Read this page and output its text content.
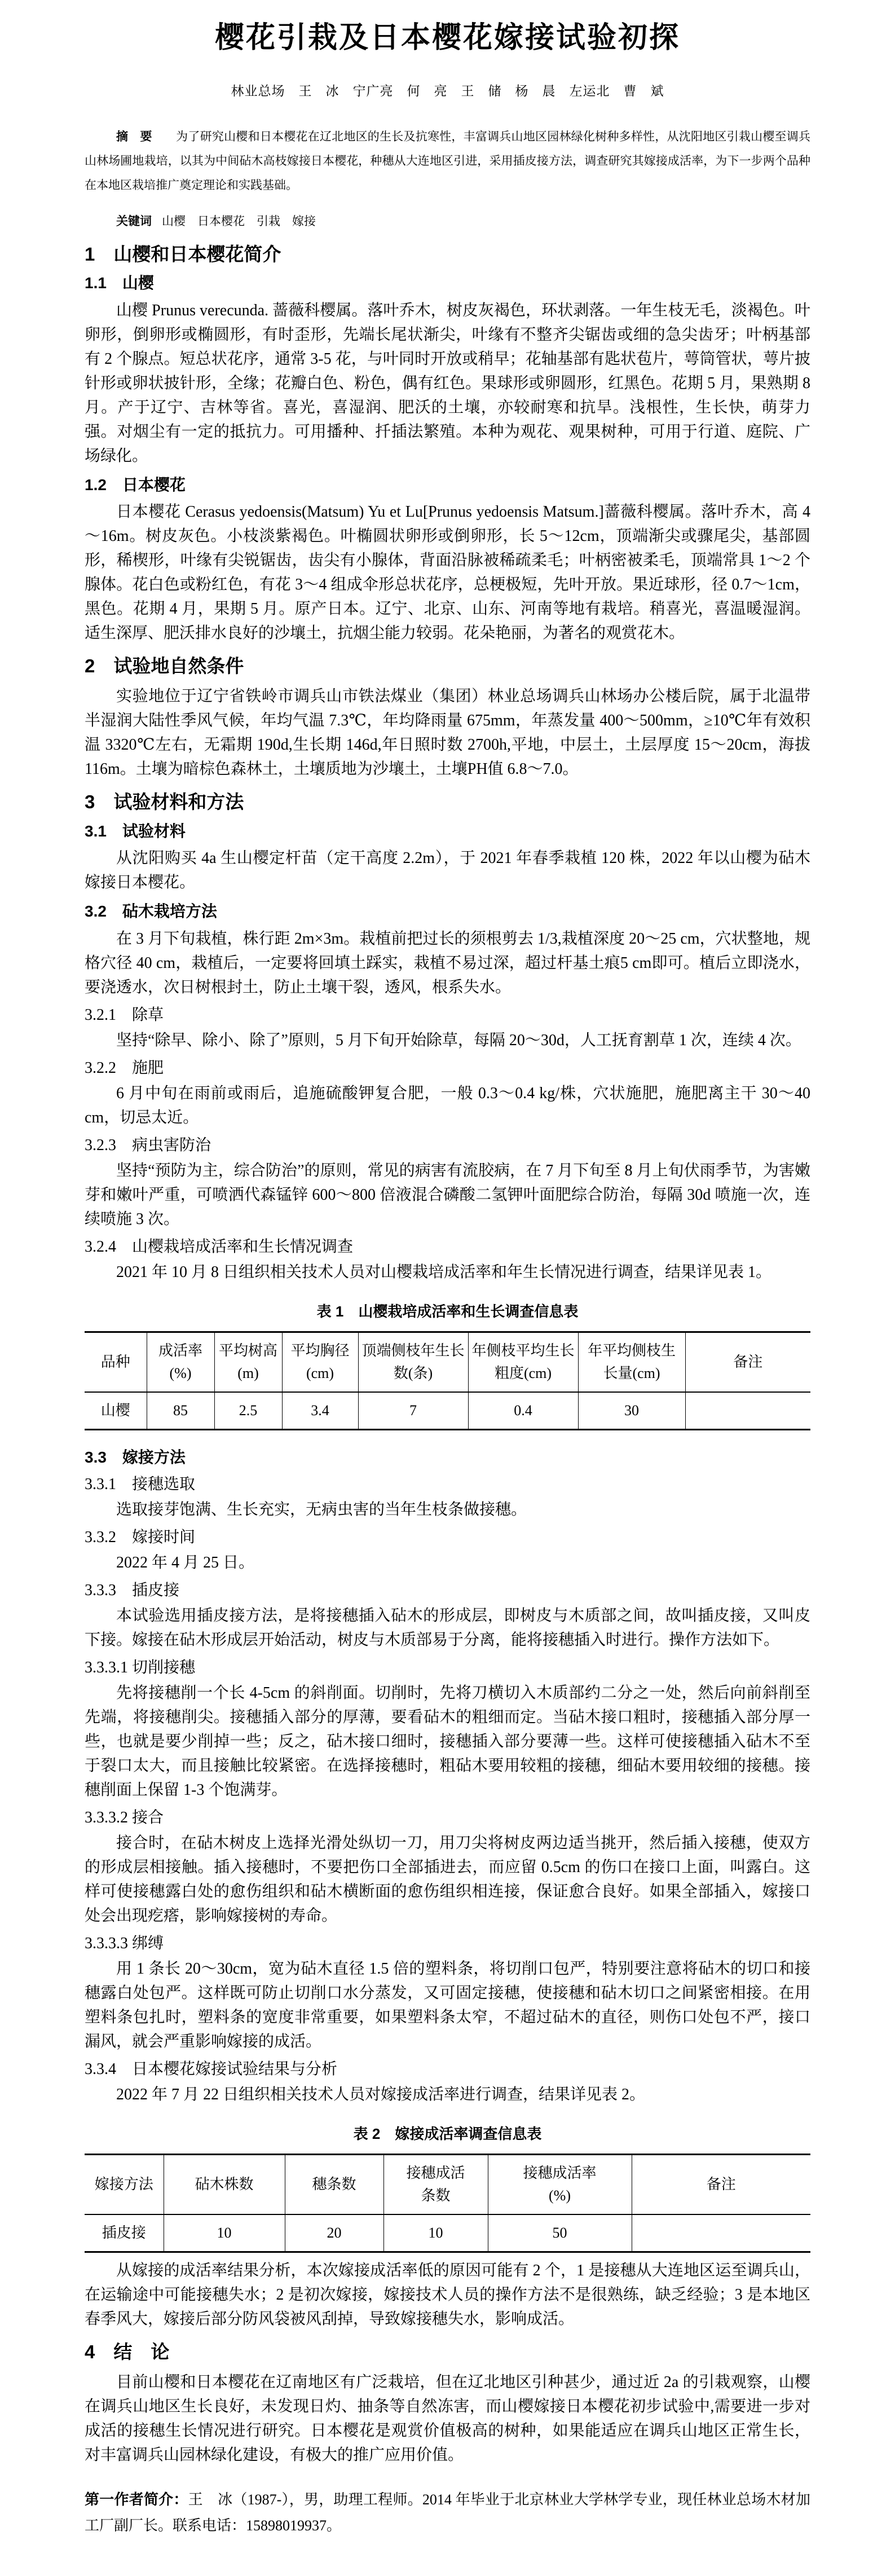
樱花引栽及日本樱花嫁接试验初探
林业总场　王　冰　宁广亮　何　亮　王　储　杨　晨　左运北　曹　斌

摘　要　　 为了研究山樱和日本樱花在辽北地区的生长及抗寒性，丰富调兵山地区园林绿化树种多样性，从沈阳地区引栽山樱至调兵山林场圃地栽培，以其为中间砧木高枝嫁接日本樱花，种穗从大连地区引进，采用插皮接方法，调查研究其嫁接成活率，为下一步两个品种在本地区栽培推广奠定理论和实践基础。

关键词 山樱　日本樱花　引栽　嫁接

1　山樱和日本樱花简介
1.1　山樱

山樱 Prunus verecunda. 蔷薇科樱属。落叶乔木，树皮灰褐色，环状剥落。一年生枝无毛，淡褐色。叶卵形，倒卵形或椭圆形，有时歪形，先端长尾状渐尖，叶缘有不整齐尖锯齿或细的急尖齿牙；叶柄基部有 2 个腺点。短总状花序，通常 3-5 花，与叶同时开放或稍早；花轴基部有匙状苞片，萼筒管状，萼片披针形或卵状披针形，全缘；花瓣白色、粉色，偶有红色。果球形或卵圆形，红黑色。花期 5 月，果熟期 8 月。产于辽宁、吉林等省。喜光，喜湿润、肥沃的土壤，亦较耐寒和抗旱。浅根性，生长快，萌芽力强。对烟尘有一定的抵抗力。可用播种、扦插法繁殖。本种为观花、观果树种，可用于行道、庭院、广场绿化。

1.2　日本樱花

日本樱花 Cerasus yedoensis(Matsum) Yu et Lu[Prunus yedoensis Matsum.]蔷薇科樱属。落叶乔木，高 4～16m。树皮灰色。小枝淡紫褐色。叶椭圆状卵形或倒卵形，长 5～12cm，顶端渐尖或骤尾尖，基部圆形，稀楔形，叶缘有尖锐锯齿，齿尖有小腺体，背面沿脉被稀疏柔毛；叶柄密被柔毛，顶端常具 1～2 个腺体。花白色或粉红色，有花 3～4 组成伞形总状花序，总梗极短，先叶开放。果近球形，径 0.7～1cm，黑色。花期 4 月，果期 5 月。原产日本。辽宁、北京、山东、河南等地有栽培。稍喜光，喜温暖湿润。适生深厚、肥沃排水良好的沙壤土，抗烟尘能力较弱。花朵艳丽，为著名的观赏花木。

2　试验地自然条件

实验地位于辽宁省铁岭市调兵山市铁法煤业（集团）林业总场调兵山林场办公楼后院，属于北温带半湿润大陆性季风气候，年均气温 7.3℃，年均降雨量 675mm，年蒸发量 400～500mm，≥10℃年有效积温 3320℃左右，无霜期 190d,生长期 146d,年日照时数 2700h,平地，中层土，土层厚度 15～20cm，海拔 116m。土壤为暗棕色森林土，土壤质地为沙壤土，土壤PH值 6.8～7.0。

3　试验材料和方法
3.1　试验材料

从沈阳购买 4a 生山樱定杆苗（定干高度 2.2m），于 2021 年春季栽植 120 株，2022 年以山樱为砧木嫁接日本樱花。

3.2　砧木栽培方法

在 3 月下旬栽植，株行距 2m×3m。栽植前把过长的须根剪去 1/3,栽植深度 20～25 cm，穴状整地，规格穴径 40 cm，栽植后，一定要将回填土踩实，栽植不易过深，超过杆基土痕5 cm即可。植后立即浇水，要浇透水，次日树根封土，防止土壤干裂，透风，根系失水。

3.2.1　除草

坚持“除早、除小、除了”原则，5 月下旬开始除草，每隔 20～30d，人工抚育割草 1 次，连续 4 次。

3.2.2　施肥

6 月中旬在雨前或雨后，追施硫酸钾复合肥，一般 0.3～0.4 kg/株，穴状施肥，施肥离主干 30～40 cm，切忌太近。

3.2.3　病虫害防治

坚持“预防为主，综合防治”的原则，常见的病害有流胶病，在 7 月下旬至 8 月上旬伏雨季节，为害嫩芽和嫩叶严重，可喷洒代森锰锌 600～800 倍液混合磷酸二氢钾叶面肥综合防治，每隔 30d 喷施一次，连续喷施 3 次。

3.2.4　山樱栽培成活率和生长情况调查

2021 年 10 月 8 日组织相关技术人员对山樱栽培成活率和年生长情况进行调查，结果详见表 1。

表 1　山樱栽培成活率和生长调查信息表
品种	成活率(%)	平均树高(m)	平均胸径(cm)	顶端侧枝年生长数(条)	年侧枝平均生长粗度(cm)	年平均侧枝生长量(cm)	备注
山樱	85	2.5	3.4	7	0.4	30	
3.3　嫁接方法
3.3.1　接穗选取

选取接芽饱满、生长充实，无病虫害的当年生枝条做接穗。

3.3.2　嫁接时间

2022 年 4 月 25 日。

3.3.3　插皮接

本试验选用插皮接方法，是将接穗插入砧木的形成层，即树皮与木质部之间，故叫插皮接，又叫皮下接。嫁接在砧木形成层开始活动，树皮与木质部易于分离，能将接穗插入时进行。操作方法如下。

3.3.3.1 切削接穗

先将接穗削一个长 4-5cm 的斜削面。切削时，先将刀横切入木质部约二分之一处，然后向前斜削至先端，将接穗削尖。接穗插入部分的厚薄，要看砧木的粗细而定。当砧木接口粗时，接穗插入部分厚一些，也就是要少削掉一些；反之，砧木接口细时，接穗插入部分要薄一些。这样可使接穗插入砧木不至于裂口太大，而且接触比较紧密。在选择接穗时，粗砧木要用较粗的接穗，细砧木要用较细的接穗。接穗削面上保留 1-3 个饱满芽。

3.3.3.2 接合

接合时，在砧木树皮上选择光滑处纵切一刀，用刀尖将树皮两边适当挑开，然后插入接穗，使双方的形成层相接触。插入接穗时，不要把伤口全部插进去，而应留 0.5cm 的伤口在接口上面，叫露白。这样可使接穗露白处的愈伤组织和砧木横断面的愈伤组织相连接，保证愈合良好。如果全部插入，嫁接口处会出现疙瘩，影响嫁接树的寿命。

3.3.3.3 绑缚

用 1 条长 20～30cm，宽为砧木直径 1.5 倍的塑料条，将切削口包严，特别要注意将砧木的切口和接穗露白处包严。这样既可防止切削口水分蒸发，又可固定接穗，使接穗和砧木切口之间紧密相接。在用塑料条包扎时，塑料条的宽度非常重要，如果塑料条太窄，不超过砧木的直径，则伤口处包不严，接口漏风，就会严重影响嫁接的成活。

3.3.4　日本樱花嫁接试验结果与分析

2022 年 7 月 22 日组织相关技术人员对嫁接成活率进行调查，结果详见表 2。

表 2　嫁接成活率调查信息表
嫁接方法	砧木株数	穗条数	接穗成活条数	接穗成活率(%)	备注
插皮接	10	20	10	50	

从嫁接的成活率结果分析，本次嫁接成活率低的原因可能有 2 个，1 是接穗从大连地区运至调兵山，在运输途中可能接穗失水；2 是初次嫁接，嫁接技术人员的操作方法不是很熟练，缺乏经验；3 是本地区春季风大，嫁接后部分防风袋被风刮掉，导致嫁接穗失水，影响成活。

4　结　论

目前山樱和日本樱花在辽南地区有广泛栽培，但在辽北地区引种甚少，通过近 2a 的引栽观察，山樱在调兵山地区生长良好，未发现日灼、抽条等自然冻害，而山樱嫁接日本樱花初步试验中,需要进一步对成活的接穗生长情况进行研究。日本樱花是观赏价值极高的树种，如果能适应在调兵山地区正常生长，对丰富调兵山园林绿化建设，有极大的推广应用价值。

第一作者简介：王　冰（1987-），男，助理工程师。2014 年毕业于北京林业大学林学专业，现任林业总场木材加工厂副厂长。联系电话：15898019937。
